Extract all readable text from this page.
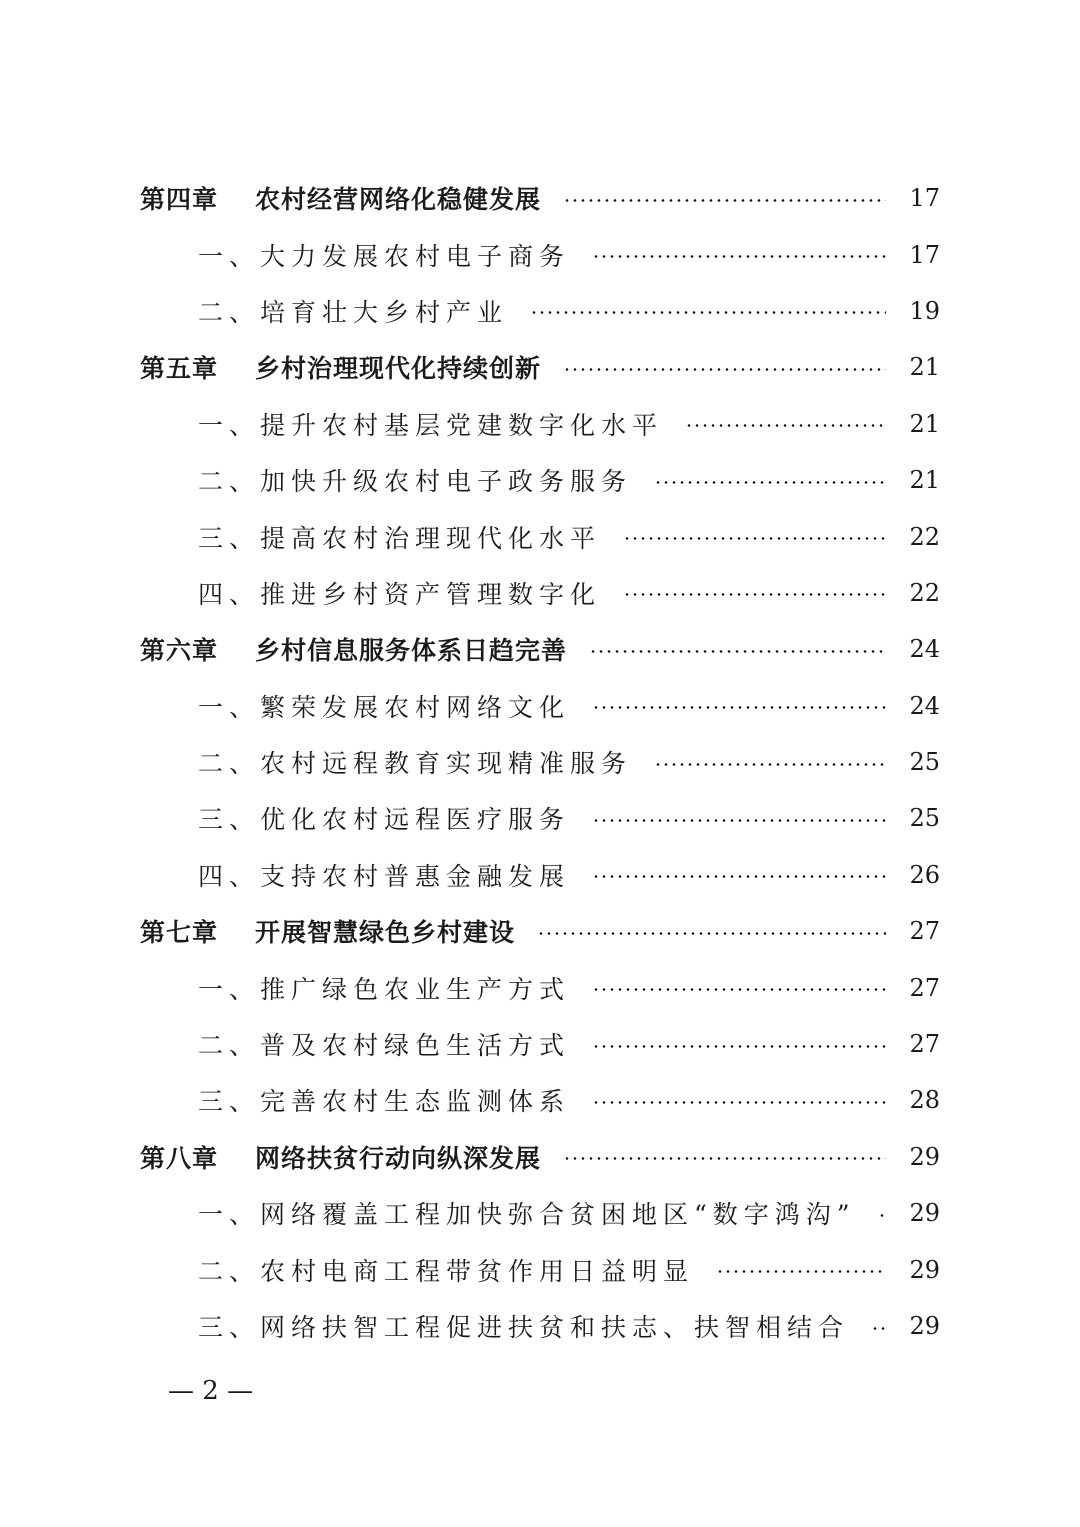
第四章	农村经营网络化稳健发展	17
一、大力发展农村电子商务	17
二、培育壮大乡村产业	19
第五章	乡村治理现代化持续创新	21
一、提升农村基层党建数字化水平	21
二、加快升级农村电子政务服务	21
三、提高农村治理现代化水平	22
四、推进乡村资产管理数字化	22
第六章	乡村信息服务体系日趋完善	24
一、繁荣发展农村网络文化	24
二、农村远程教育实现精准服务	25
三、优化农村远程医疗服务	25
四、支持农村普惠金融发展	26
第七章	开展智慧绿色乡村建设	27
一、推广绿色农业生产方式	27
二、普及农村绿色生活方式	27
三、完善农村生态监测体系	28
第八章	网络扶贫行动向纵深发展	29
一、网络覆盖工程加快弥合贫困地区“数字鸿沟”	29
二、农村电商工程带贫作用日益明显	29
三、网络扶智工程促进扶贫和扶志、扶智相结合	29
— 2 —
